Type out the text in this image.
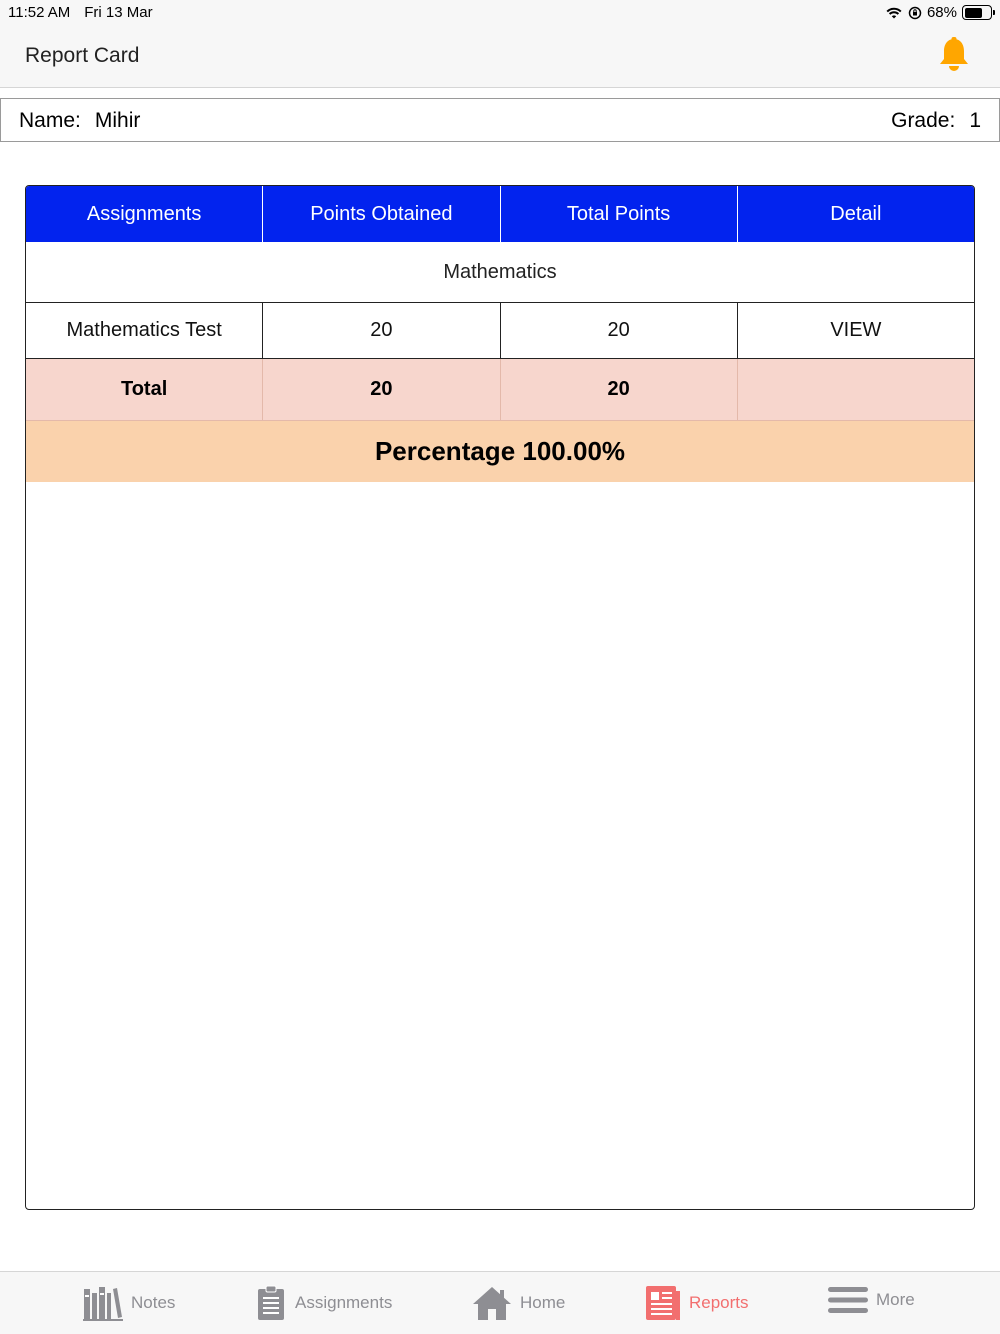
11:52 AM Fri 13 Mar	68%
Report Card
Name: Mihir	Grade: 1
Assignments	Points Obtained	Total Points	Detail
Mathematics
Mathematics Test	20	20	VIEW
Total	20	20
Percentage 100.00%
Notes	Assignments	Home	Reports	More
